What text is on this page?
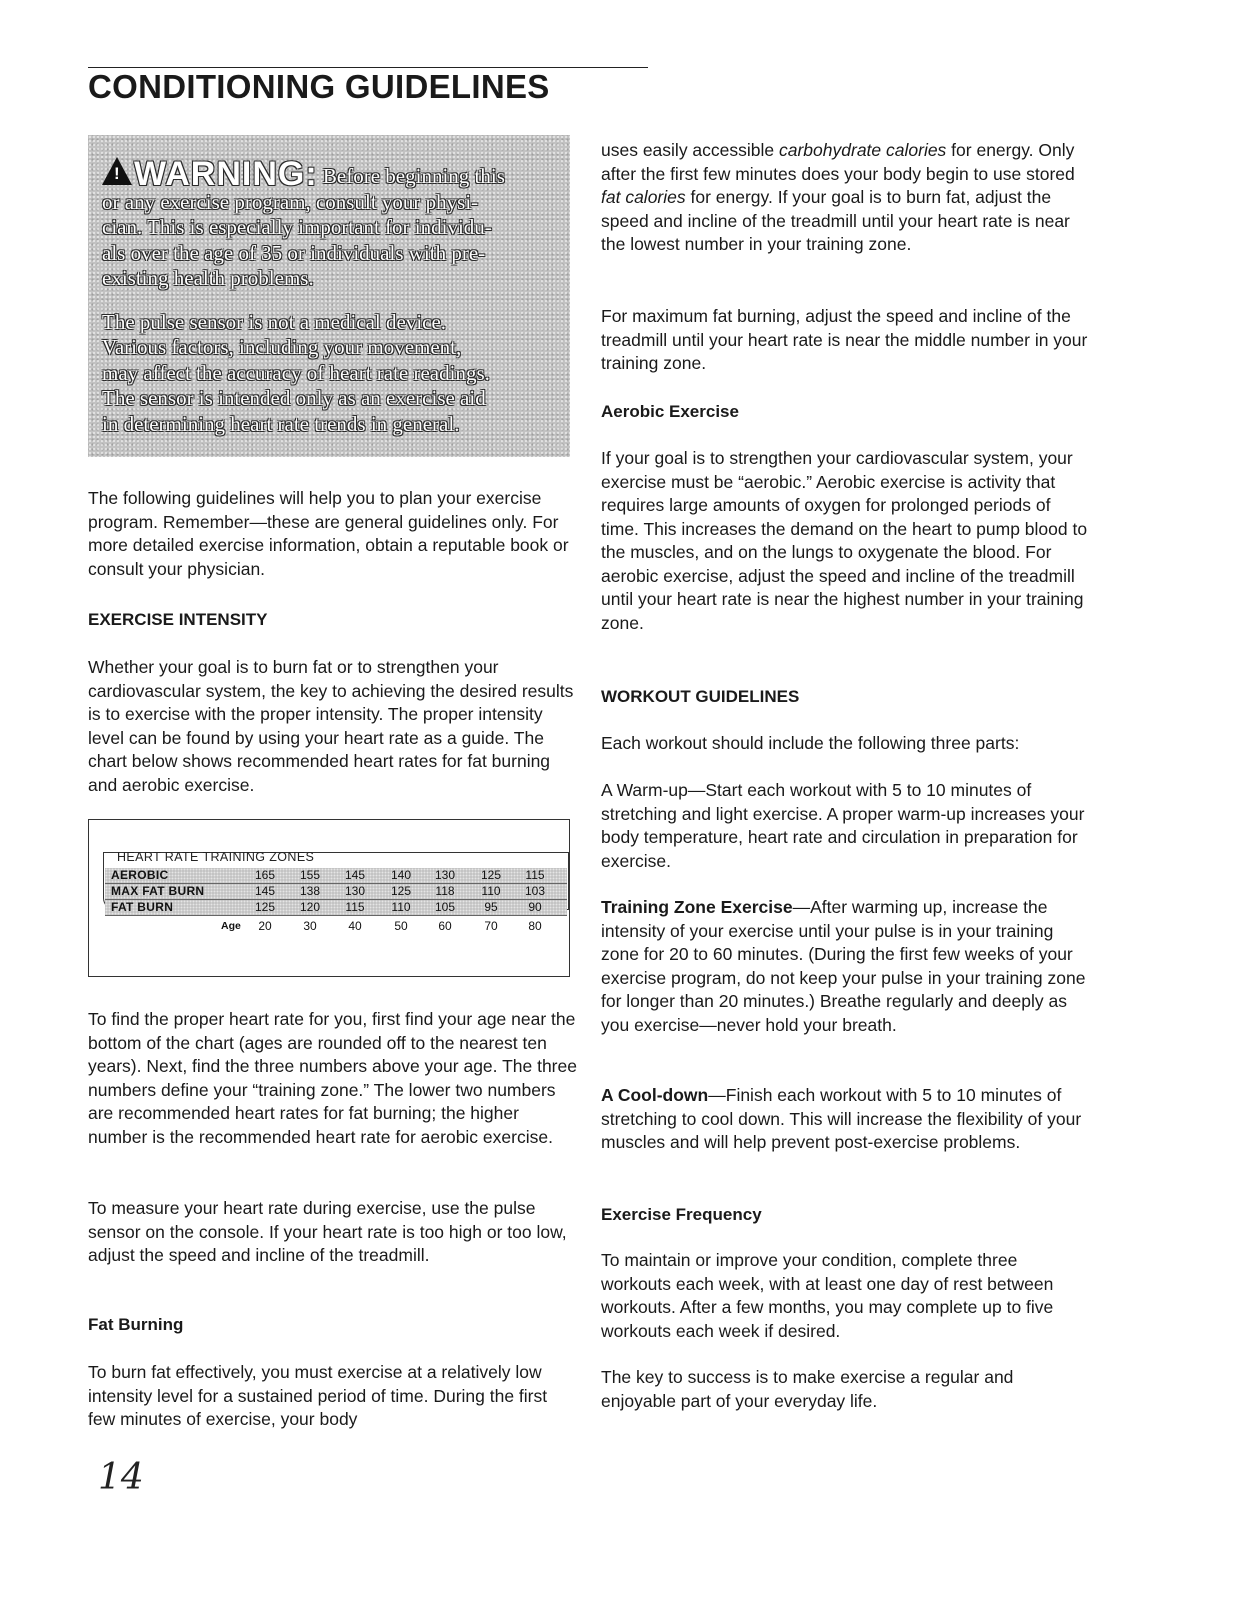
CONDITIONING GUIDELINES
! WARNING: Before beginning this
or any exercise program, consult your physi-
cian. This is especially important for individu-
als over the age of 35 or individuals with pre-
existing health problems.
The pulse sensor is not a medical device.
Various factors, including your movement,
may affect the accuracy of heart rate readings.
The sensor is intended only as an exercise aid
in determining heart rate trends in general.

The following guidelines will help you to plan your exercise program. Remember—these are general guidelines only. For more detailed exercise information, obtain a reputable book or consult your physician.

EXERCISE INTENSITY

Whether your goal is to burn fat or to strengthen your cardiovascular system, the key to achieving the desired results is to exercise with the proper intensity. The proper intensity level can be found by using your heart rate as a guide. The chart below shows recommended heart rates for fat burning and aerobic exercise.

HEART RATE TRAINING ZONES
AEROBIC	165	155	145	140	130	125	115
MAX FAT BURN	145	138	130	125	118	110	103
FAT BURN	125	120	115	110	105	95	90
Age	20	30	40	50	60	70	80

To find the proper heart rate for you, first find your age near the bottom of the chart (ages are rounded off to the nearest ten years). Next, find the three numbers above your age. The three numbers define your “training zone.” The lower two numbers are recommended heart rates for fat burning; the higher number is the recommended heart rate for aerobic exercise.

To measure your heart rate during exercise, use the pulse sensor on the console. If your heart rate is too high or too low, adjust the speed and incline of the treadmill.

Fat Burning

To burn fat effectively, you must exercise at a relatively low intensity level for a sustained period of time. During the first few minutes of exercise, your body

uses easily accessible carbohydrate calories for energy. Only after the first few minutes does your body begin to use stored fat calories for energy. If your goal is to burn fat, adjust the speed and incline of the treadmill until your heart rate is near the lowest number in your training zone.

For maximum fat burning, adjust the speed and incline of the treadmill until your heart rate is near the middle number in your training zone.

Aerobic Exercise

If your goal is to strengthen your cardiovascular system, your exercise must be “aerobic.” Aerobic exercise is activity that requires large amounts of oxygen for prolonged periods of time. This increases the demand on the heart to pump blood to the muscles, and on the lungs to oxygenate the blood. For aerobic exercise, adjust the speed and incline of the treadmill until your heart rate is near the highest number in your training zone.

WORKOUT GUIDELINES

Each workout should include the following three parts:

A Warm-up—Start each workout with 5 to 10 minutes of stretching and light exercise. A proper warm-up increases your body temperature, heart rate and circulation in preparation for exercise.

Training Zone Exercise—After warming up, increase the intensity of your exercise until your pulse is in your training zone for 20 to 60 minutes. (During the first few weeks of your exercise program, do not keep your pulse in your training zone for longer than 20 minutes.) Breathe regularly and deeply as you exercise—never hold your breath.

A Cool-down—Finish each workout with 5 to 10 minutes of stretching to cool down. This will increase the flexibility of your muscles and will help prevent post-exercise problems.

Exercise Frequency

To maintain or improve your condition, complete three workouts each week, with at least one day of rest between workouts. After a few months, you may complete up to five workouts each week if desired.

The key to success is to make exercise a regular and enjoyable part of your everyday life.

14
